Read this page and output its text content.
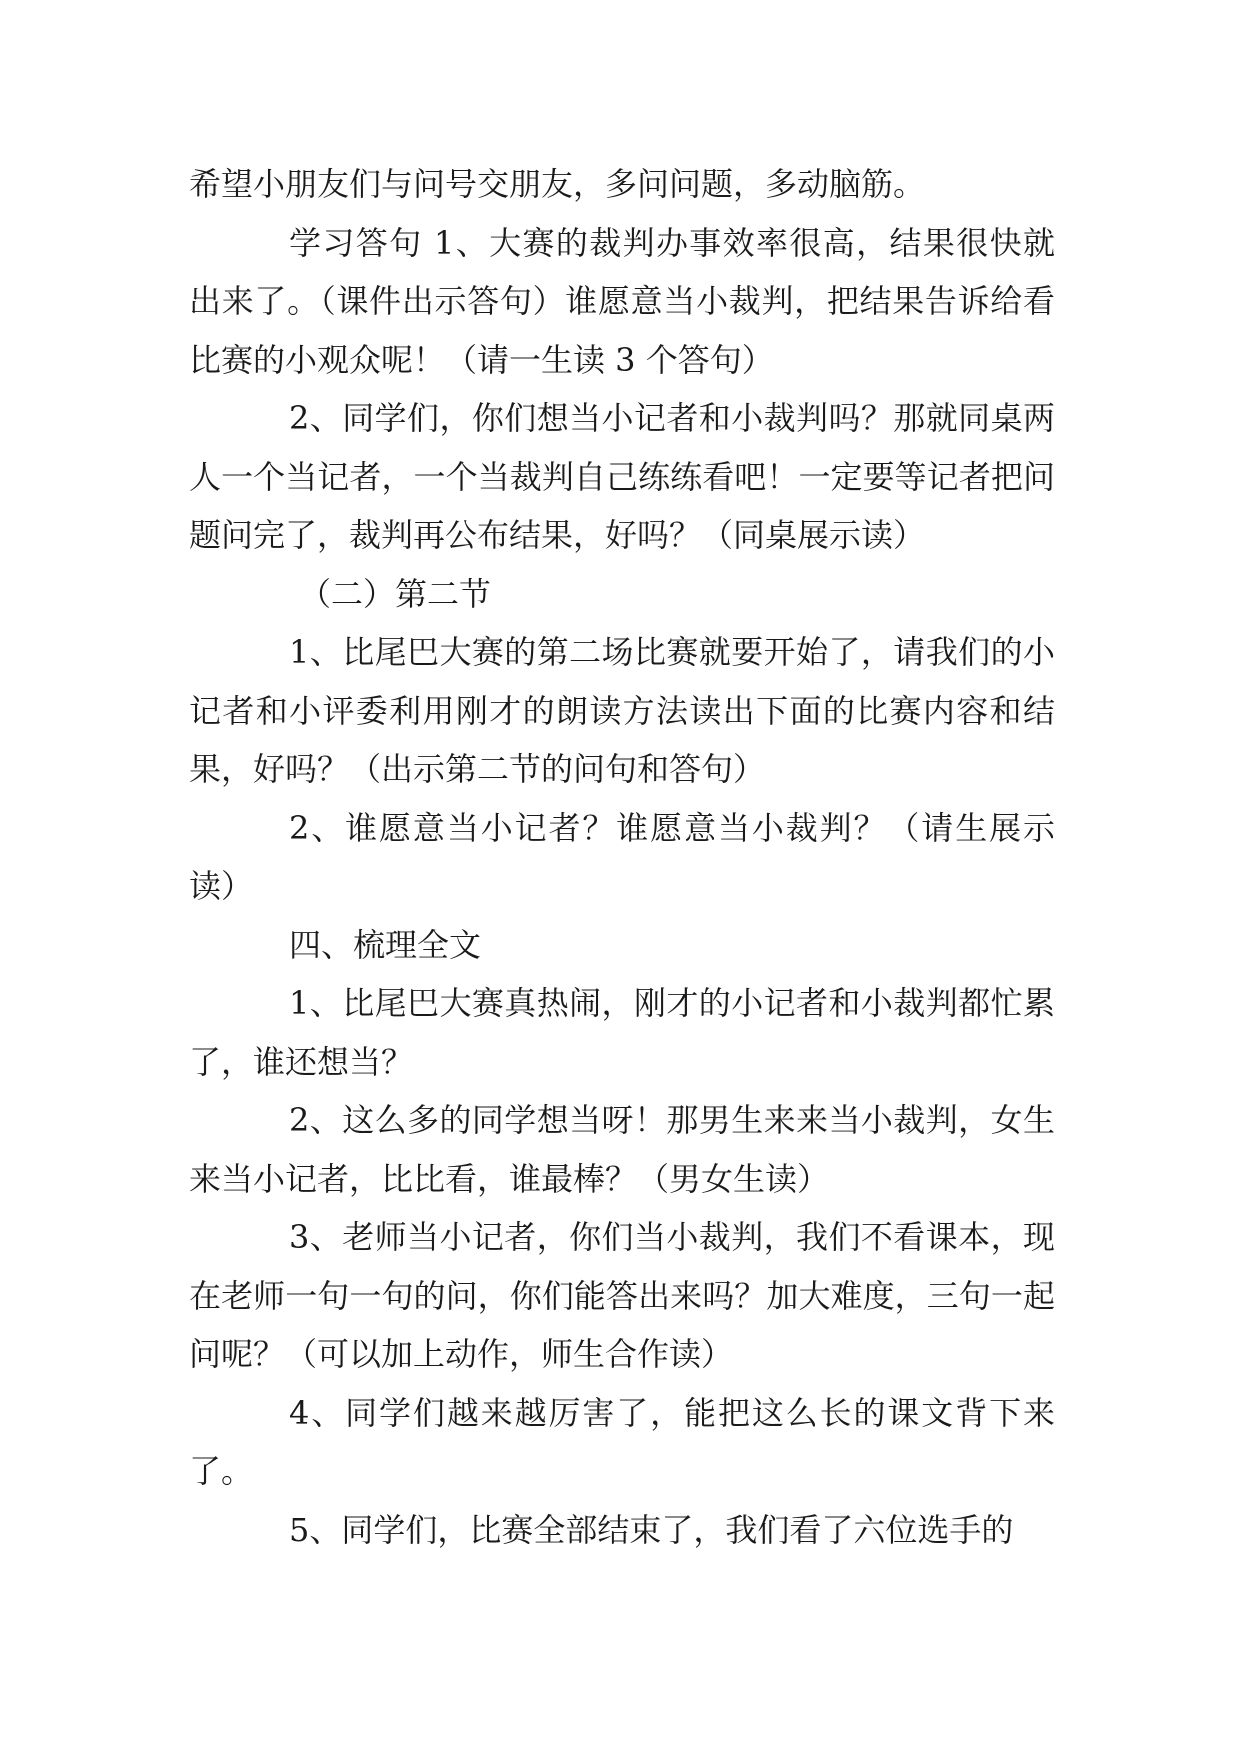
希望小朋友们与问号交朋友，多问问题，多动脑筋。

学习答句 1、大赛的裁判办事效率很高，结果很快就出来了。（课件出示答句）谁愿意当小裁判，把结果告诉给看比赛的小观众呢！（请一生读 3 个答句）

2、同学们，你们想当小记者和小裁判吗？那就同桌两人一个当记者，一个当裁判自己练练看吧！一定要等记者把问题问完了，裁判再公布结果，好吗？（同桌展示读）

（二）第二节

1、比尾巴大赛的第二场比赛就要开始了，请我们的小记者和小评委利用刚才的朗读方法读出下面的比赛内容和结果，好吗？（出示第二节的问句和答句）

2、谁愿意当小记者？谁愿意当小裁判？（请生展示读）

四、梳理全文

1、比尾巴大赛真热闹，刚才的小记者和小裁判都忙累了，谁还想当？

2、这么多的同学想当呀！那男生来来当小裁判，女生来当小记者，比比看，谁最棒？（男女生读）

3、老师当小记者，你们当小裁判，我们不看课本，现在老师一句一句的问，你们能答出来吗？加大难度，三句一起问呢？（可以加上动作，师生合作读）

4、同学们越来越厉害了，能把这么长的课文背下来了。

5、同学们，比赛全部结束了，我们看了六位选手的
